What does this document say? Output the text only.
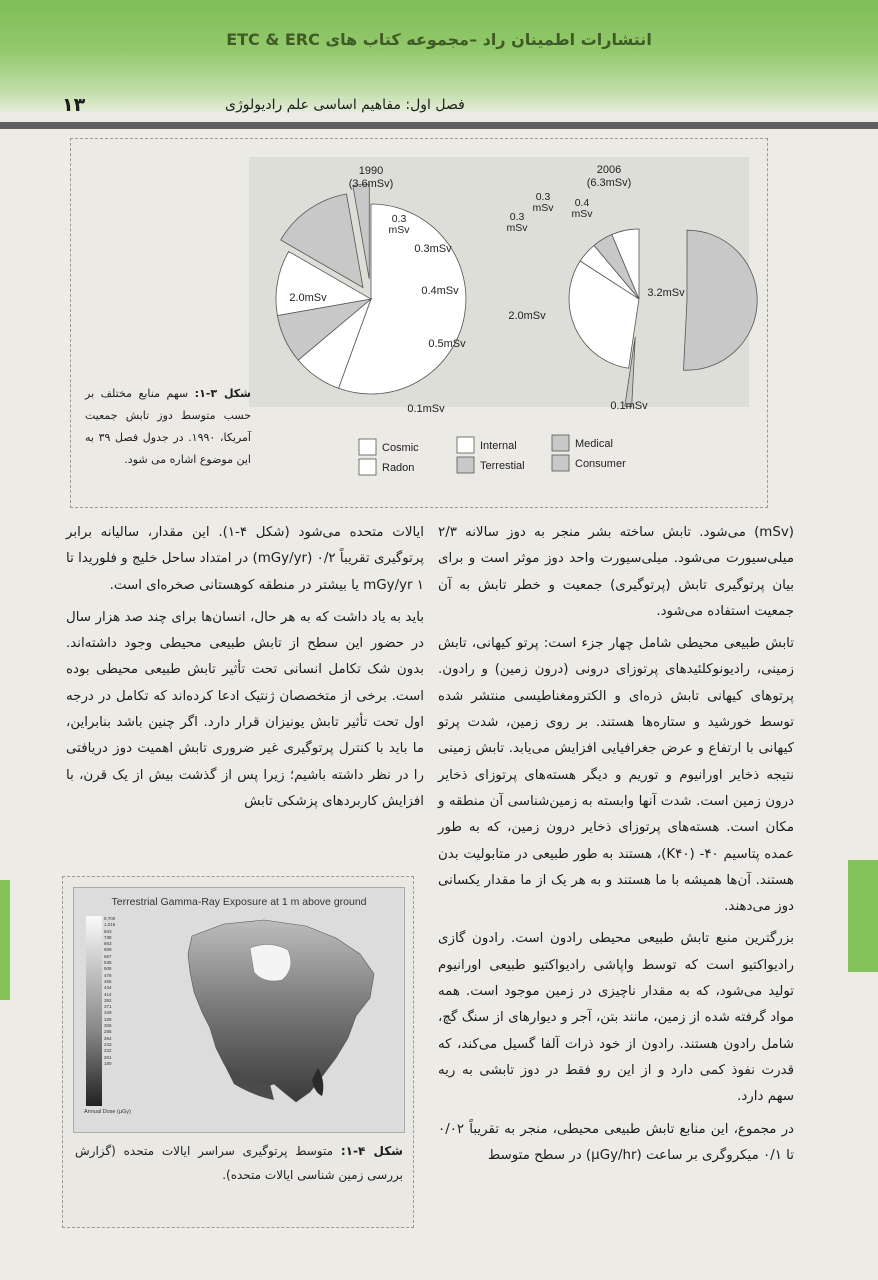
انتشارات اطمینان راد –مجموعه کتاب های ETC & ERC
فصل اول: مفاهیم اساسی علم رادیولوژی
۱۳
2.0mSv
0.3
mSv
0.3mSv
0.4mSv
0.5mSv
0.1mSv
1990
(3.6mSv)
3.2mSv
0.1mSv
2.0mSv
0.3
mSv
0.3
mSv 0.4
mSv
2006
(6.3mSv)
Cosmic	Internal	Medical
Radon	Terrestial	Consumer
شکل ۳-۱: سهم منابع مختلف بر حسب متوسط دوز تابش جمعیت آمریکا، ۱۹۹۰. در جدول فصل ۳۹ به این موضوع اشاره می شود.

(mSv) می‌شود. تابش ساخته بشر منجر به دوز سالانه ۲/۳ میلی‌سیورت می‌شود. میلی‌سیورت واحد دوز موثر است و برای بیان پرتوگیری تابش (پرتوگیری) جمعیت و خطر تابش به آن جمعیت استفاده می‌شود.

تابش طبیعی محیطی شامل چهار جزء است: پرتو کیهانی، تابش زمینی، رادیونوکلئیدهای پرتوزای درونی (درون زمین) و رادون. پرتوهای کیهانی تابش ذره‌ای و الکترومغناطیسی منتشر شده توسط خورشید و ستاره‌ها هستند. بر روی زمین، شدت پرتو کیهانی با ارتفاع و عرض جغرافیایی افزایش می‌یابد. تابش زمینی نتیجه ذخایر اورانیوم و توریم و دیگر هسته‌های پرتوزای ذخایر درون زمین است. شدت آنها وابسته به زمین‌شناسی آن منطقه و مکان است. هسته‌های پرتوزای ذخایر درون زمین، که به طور عمده پتاسیم ۴۰- (K۴۰)، هستند به طور طبیعی در متابولیت بدن هستند. آن‌ها همیشه با ما هستند و به هر یک از ما مقدار یکسانی دوز می‌دهند.

بزرگترین منبع تابش طبیعی محیطی رادون است. رادون گازی رادیواکتیو است که توسط واپاشی رادیواکتیو طبیعی اورانیوم تولید می‌شود، که به مقدار ناچیزی در زمین موجود است. همه مواد گرفته شده از زمین، مانند بتن، آجر و دیوارهای از سنگ گچ، شامل رادون هستند. رادون از خود ذرات آلفا گسیل می‌کند، که قدرت نفوذ کمی دارد و از این رو فقط در دوز تابشی به ریه سهم دارد.

در مجموع، این منابع تابش طبیعی محیطی، منجر به تقریباً ۰/۰۲ تا ۰/۱ میکروگری بر ساعت (µGy/hr) در سطح متوسط

ایالات متحده می‌شود (شکل ۴-۱). این مقدار، سالیانه برابر پرتوگیری تقریباً ۰/۲ (mGy/yr) در امتداد ساحل خلیج و فلوریدا تا ۱ mGy/yr یا بیشتر در منطقه کوهستانی صخره‌ای است.

باید به یاد داشت که به هر حال، انسان‌ها برای چند صد هزار سال در حضور این سطح از تابش طبیعی محیطی وجود داشته‌اند. بدون شک تکامل انسانی تحت تأثیر تابش طبیعی محیطی بوده است. برخی از متخصصان ژنتیک ادعا کرده‌اند که تکامل در درجه اول تحت تأثیر تابش یونیزان قرار دارد. اگر چنین باشد بنابراین، ما باید با کنترل پرتوگیری غیر ضروری تابش اهمیت دوز دریافتی را در نظر داشته باشیم؛ زیرا پس از گذشت بیش از یک قرن، با افزایش کاربردهای پزشکی تابش

Terrestrial Gamma-Ray Exposure at 1 m above ground
9,700
1,016
943
738
663
609
567
535
506
478
455
434
414
392
371
349
328
306
285
264
243
222
201
180
Annual Dose (µGy)
شکل ۴-۱: متوسط پرتوگیری سراسر ایالات متحده (گزارش بررسی زمین شناسی ایالات متحده).
